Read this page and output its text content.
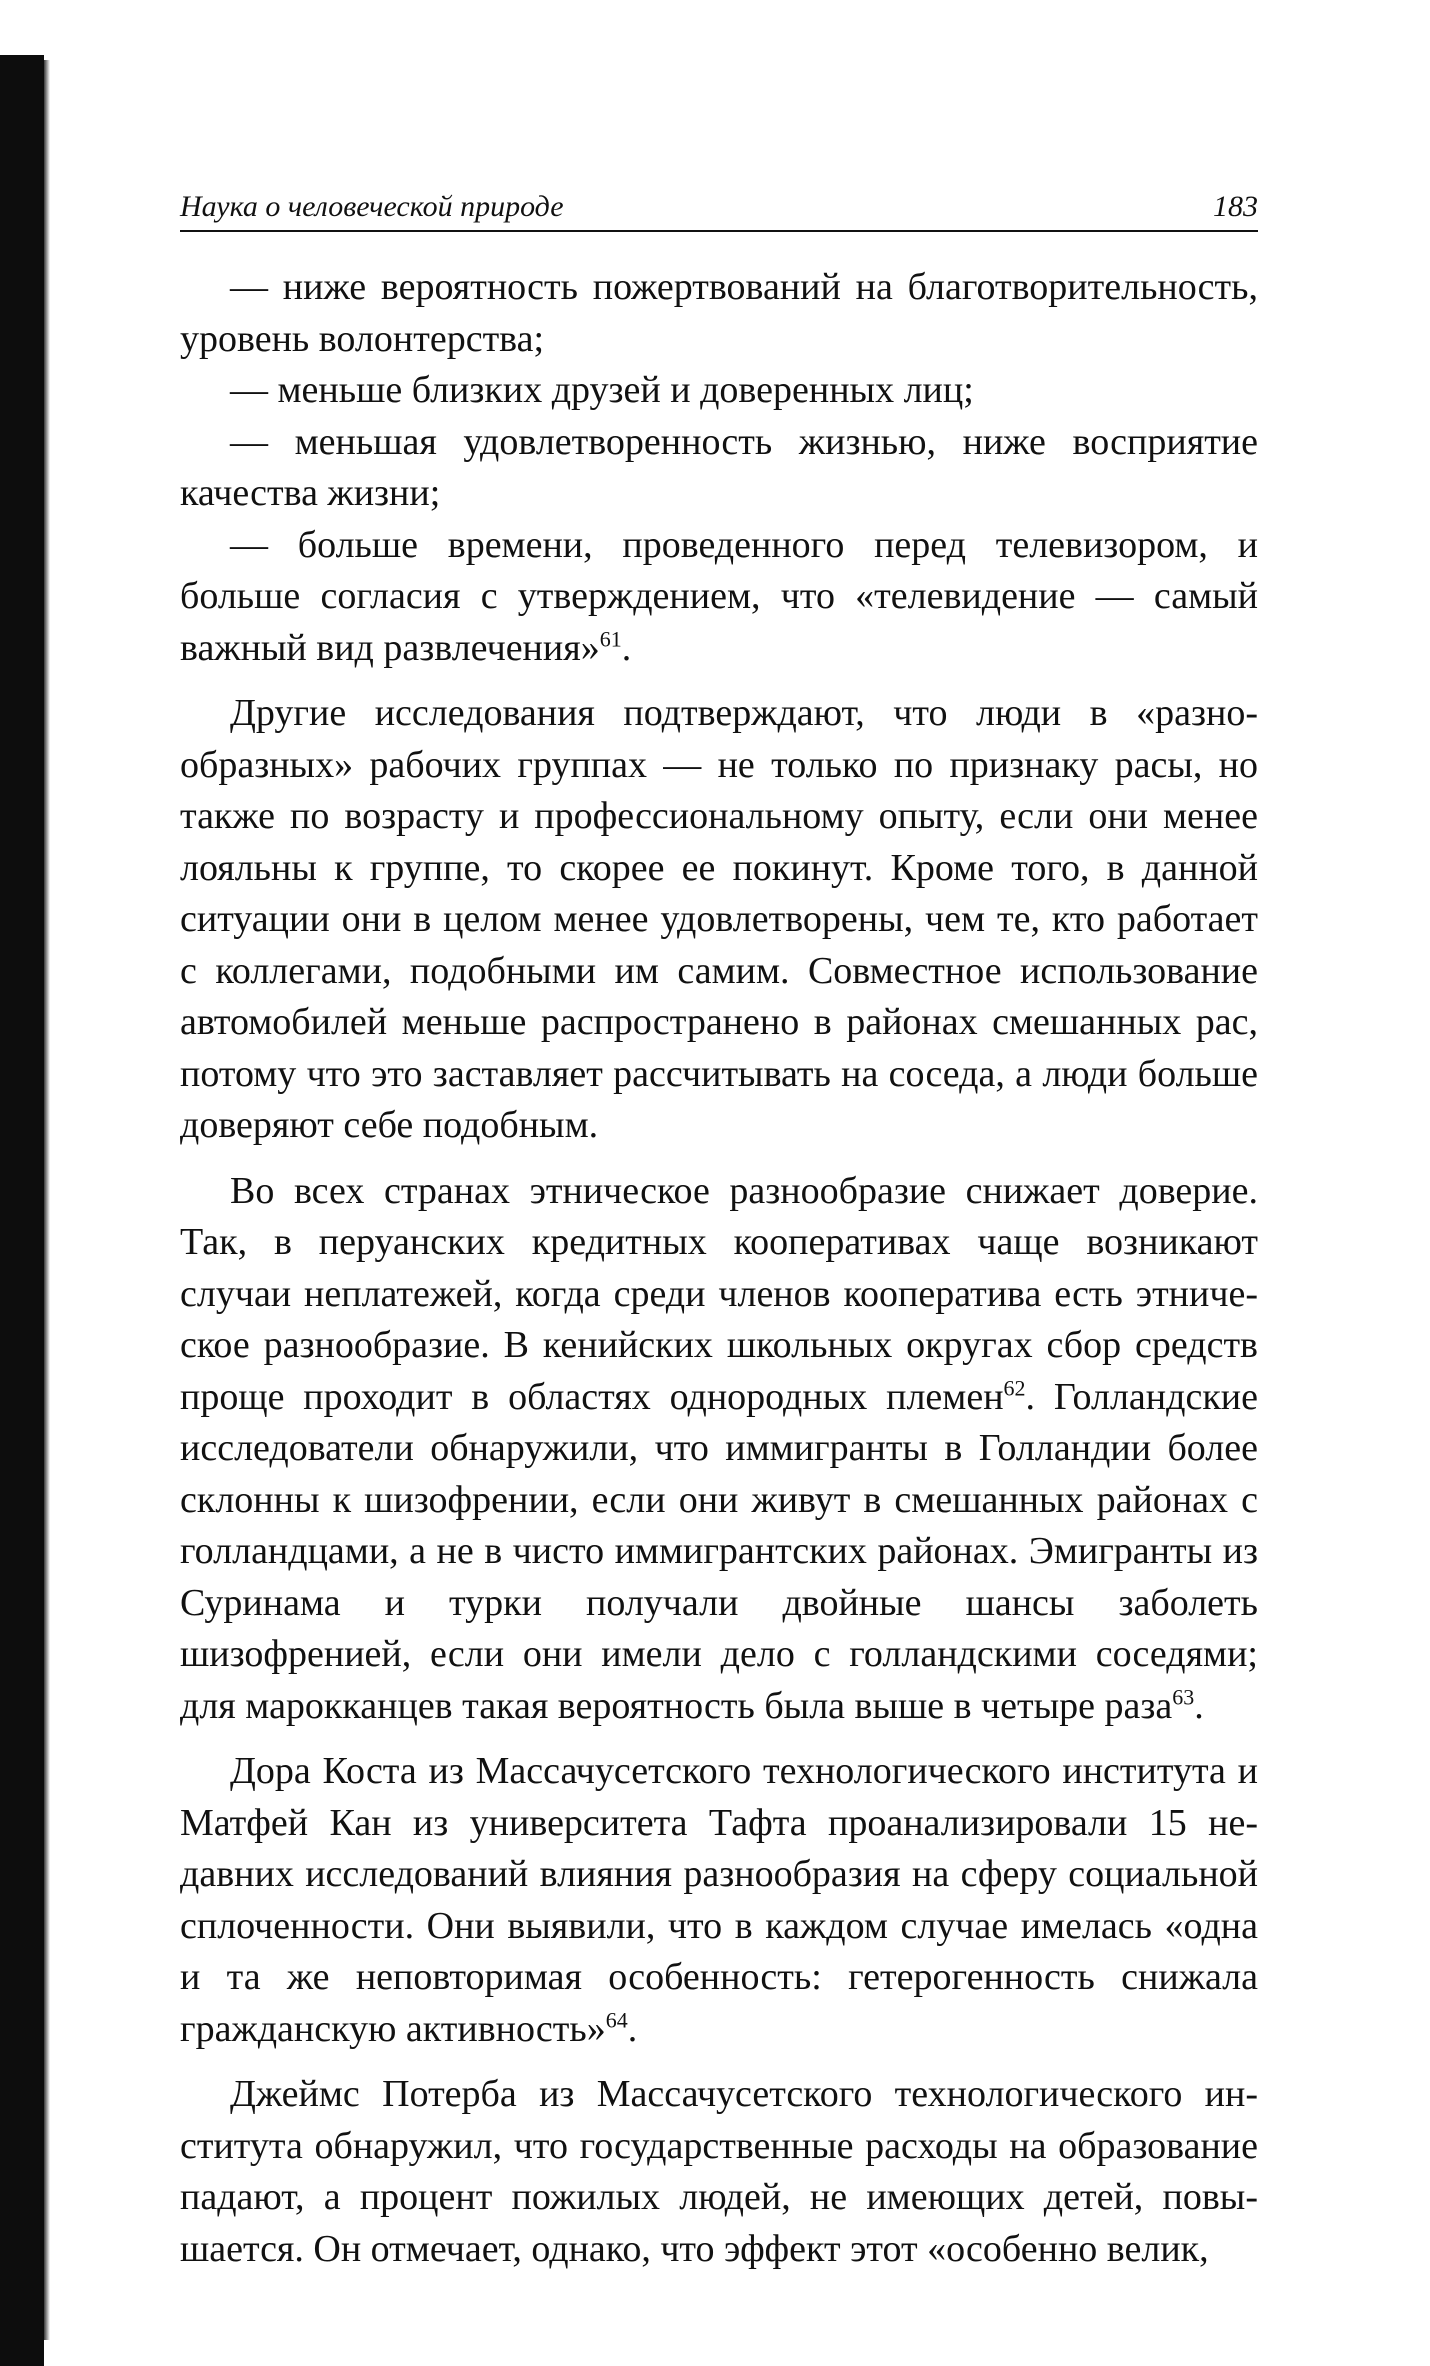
Наука о человеческой природе	183

— ниже вероятность пожертвований на благотворительность, уровень волонтерства;

— меньше близких друзей и доверенных лиц;

— меньшая удовлетворенность жизнью, ниже восприятие качества жизни;

— больше времени, проведенного перед телевизором, и больше согласия с утверждением, что «телевидение — самый важный вид развлечения»$^{61}$.

Другие исследования подтверждают, что люди в «разнообразных» рабочих группах — не только по признаку расы, но также по возрасту и профессиональному опыту, если они менее лояльны к группе, то скорее ее покинут. Кроме того, в данной ситуации они в целом менее удовлетворены, чем те, кто работает с коллегами, подобными им самим. Совместное использование автомобилей меньше распространено в районах смешанных рас, потому что это заставляет рассчитывать на соседа, а люди больше доверяют себе подобным.

Во всех странах этническое разнообразие снижает доверие. Так, в перуанских кредитных кооперативах чаще возникают случаи неплатежей, когда среди членов кооператива есть этническое разнообразие. В кенийских школьных округах сбор средств проще проходит в областях однородных племен$^{62}$. Голландские исследователи обнаружили, что иммигранты в Голландии более склонны к шизофрении, если они живут в смешанных районах с голландцами, а не в чисто иммигрантских районах. Эмигранты из Суринама и турки получали двойные шансы заболеть шизофренией, если они имели дело с голландскими соседями; для марокканцев такая вероятность была выше в четыре раза$^{63}$.

Дора Коста из Массачусетского технологического института и Матфей Кан из университета Тафта проанализировали 15 недавних исследований влияния разнообразия на сферу социальной сплоченности. Они выявили, что в каждом случае имелась «одна и та же неповторимая особенность: гетерогенность снижала гражданскую активность»$^{64}$.

Джеймс Потерба из Массачусетского технологического института обнаружил, что государственные расходы на образование падают, а процент пожилых людей, не имеющих детей, повышается. Он отмечает, однако, что эффект этот «особенно велик,
